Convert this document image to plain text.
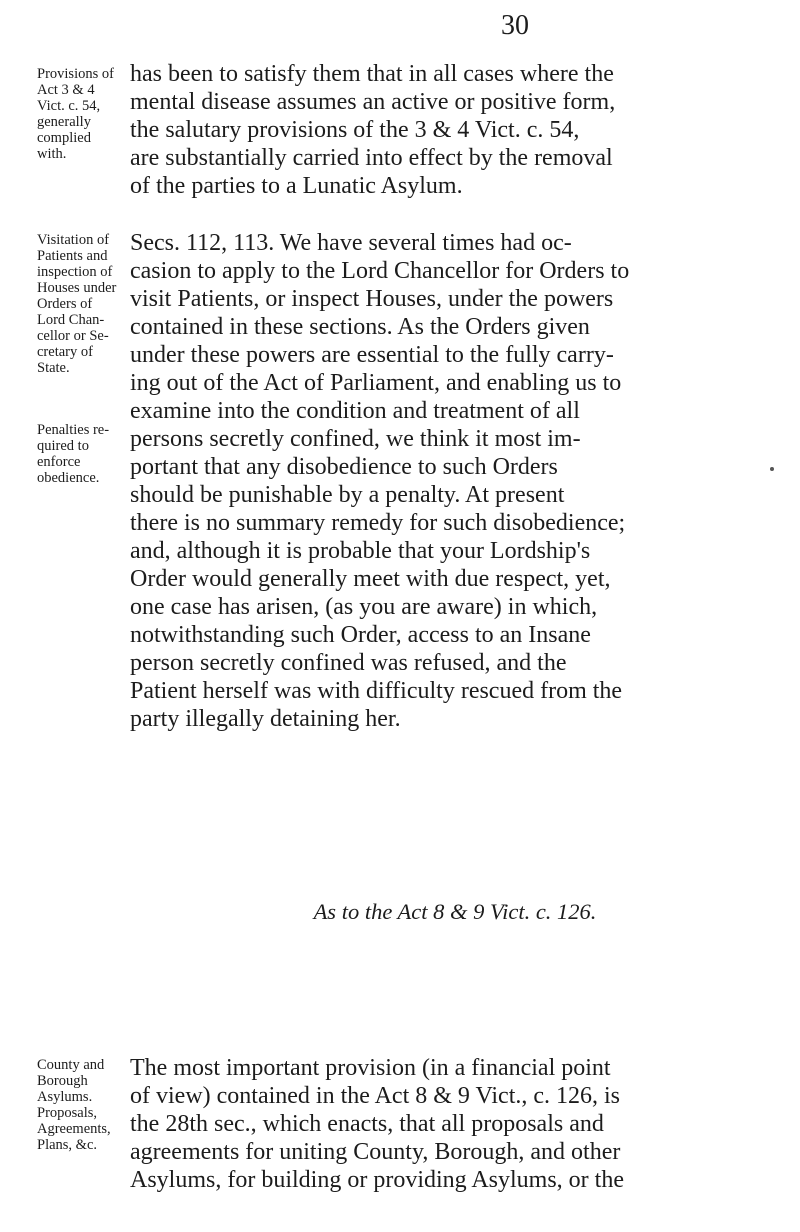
30
Provisions of
Act 3 & 4
Vict. c. 54,
generally
complied
with.
has been to satisfy them that in all cases where the
mental disease assumes an active or positive form,
the salutary provisions of the 3 & 4 Vict. c. 54,
are substantially carried into effect by the removal
of the parties to a Lunatic Asylum.
Visitation of
Patients and
inspection of
Houses under
Orders of
Lord Chan-
cellor or Se-
cretary of
State.
Penalties re-
quired to
enforce
obedience.
Secs. 112, 113. We have several times had oc-
casion to apply to the Lord Chancellor for Orders to
visit Patients, or inspect Houses, under the powers
contained in these sections. As the Orders given
under these powers are essential to the fully carry-
ing out of the Act of Parliament, and enabling us to
examine into the condition and treatment of all
persons secretly confined, we think it most im-
portant that any disobedience to such Orders
should be punishable by a penalty. At present
there is no summary remedy for such disobedience;
and, although it is probable that your Lordship's
Order would generally meet with due respect, yet,
one case has arisen, (as you are aware) in which,
notwithstanding such Order, access to an Insane
person secretly confined was refused, and the
Patient herself was with difficulty rescued from the
party illegally detaining her.
As to the Act 8 & 9 Vict. c. 126.
County and
Borough
Asylums.
Proposals,
Agreements,
Plans, &c.
The most important provision (in a financial point
of view) contained in the Act 8 & 9 Vict., c. 126, is
the 28th sec., which enacts, that all proposals and
agreements for uniting County, Borough, and other
Asylums, for building or providing Asylums, or the
